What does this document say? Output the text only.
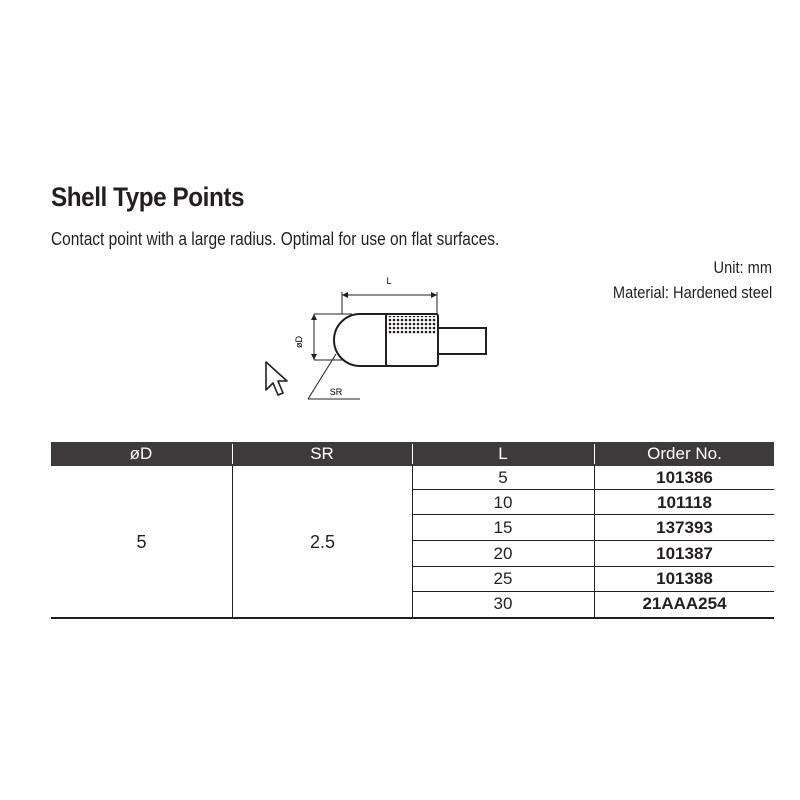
Shell Type Points
Contact point with a large radius. Optimal for use on flat surfaces.
Unit: mm
Material: Hardened steel
L
øD
SR
øD	SR	L	Order No.
5	2.5
5	101386
10	101118
15	137393
20	101387
25	101388
30	21AAA254
